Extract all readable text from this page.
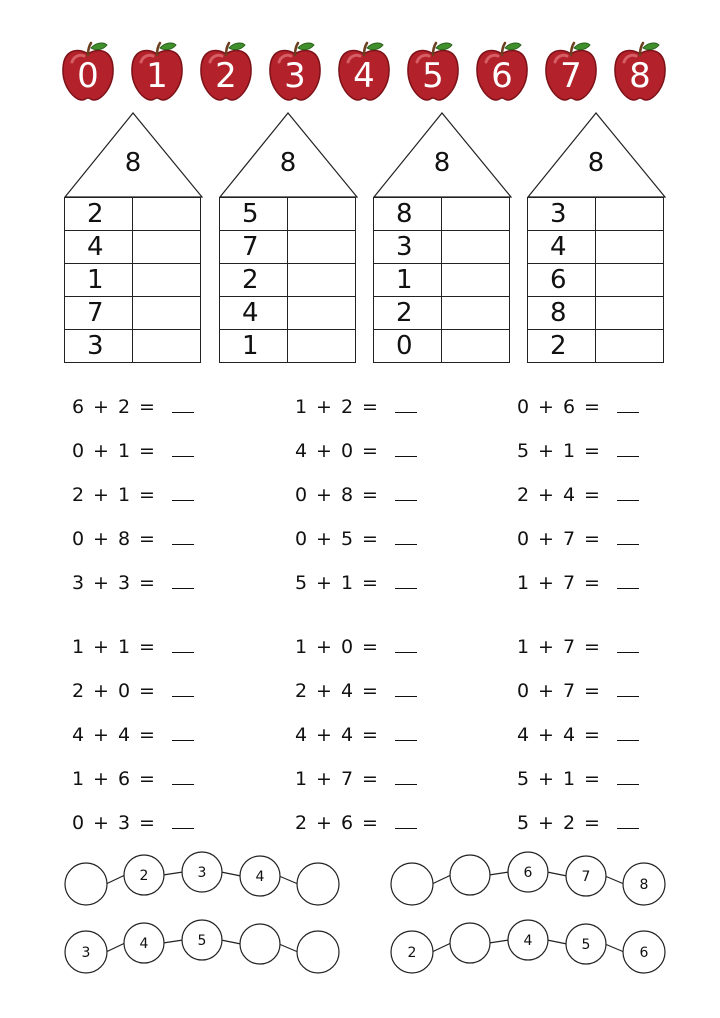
0	1	2	3	4	5	6	7	8
8
2	
4	
1	
7	
3	
8
5	
7	
2	
4	
1	
8
8	
3	
1	
2	
0	
8
3	
4	
6	
8	
2	
6 + 2 =
0 + 1 =
2 + 1 =
0 + 8 =
3 + 3 =
1 + 2 =
4 + 0 =
0 + 8 =
0 + 5 =
5 + 1 =
0 + 6 =
5 + 1 =
2 + 4 =
0 + 7 =
1 + 7 =
1 + 1 =
2 + 0 =
4 + 4 =
1 + 6 =
0 + 3 =
1 + 0 =
2 + 4 =
4 + 4 =
1 + 7 =
2 + 6 =
1 + 7 =
0 + 7 =
4 + 4 =
5 + 1 =
5 + 2 =
2	3	4	6	7	8
3
4	5
2
4	5	6
